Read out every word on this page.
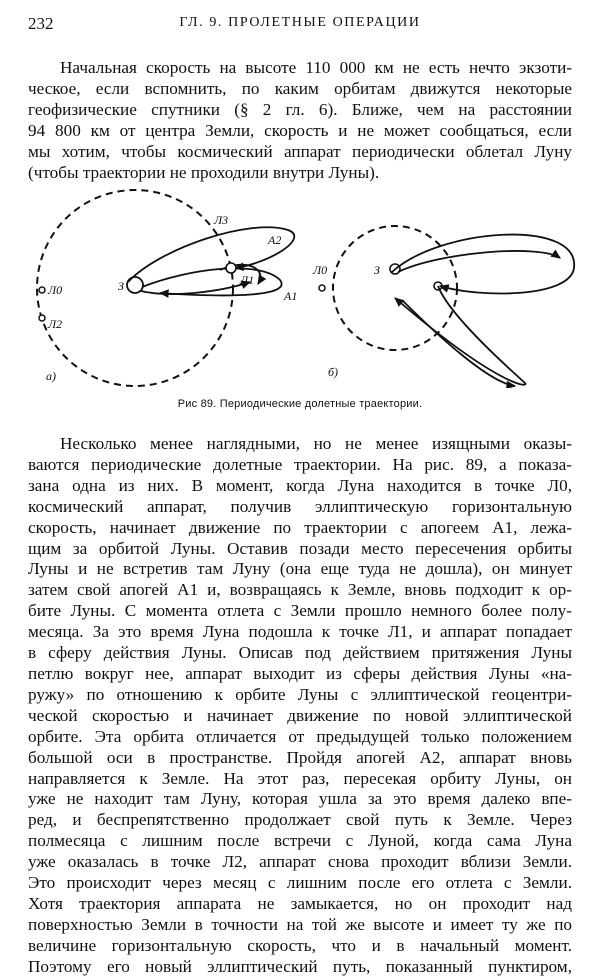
232	ГЛ. 9. ПРОЛЕТНЫЕ ОПЕРАЦИИ
Начальная скорость на высоте 110 000 км не есть нечто экзоти-
ческое, если вспомнить, по каким орбитам движутся некоторые
геофизические спутники (§ 2 гл. 6). Ближе, чем на расстоянии
94 800 км от центра Земли, скорость и не может сообщаться, если
мы хотим, чтобы космический аппарат периодически облетал Луну
(чтобы траектории не проходили внутри Луны).
З
Л3
Л1
A1
A2
Л0
Л2
а)
З
Л0
б)
Рис 89. Периодические долетные траектории.
Несколько менее наглядными, но не менее изящными оказы-
ваются периодические долетные траектории. На рис. 89, а показа-
зана одна из них. В момент, когда Луна находится в точке Л0,
космический аппарат, получив эллиптическую горизонтальную
скорость, начинает движение по траектории с апогеем A1, лежа-
щим за орбитой Луны. Оставив позади место пересечения орбиты
Луны и не встретив там Луну (она еще туда не дошла), он минует
затем свой апогей A1 и, возвращаясь к Земле, вновь подходит к ор-
бите Луны. С момента отлета с Земли прошло немного более полу-
месяца. За это время Луна подошла к точке Л1, и аппарат попадает
в сферу действия Луны. Описав под действием притяжения Луны
петлю вокруг нее, аппарат выходит из сферы действия Луны «на-
ружу» по отношению к орбите Луны с эллиптической геоцентри-
ческой скоростью и начинает движение по новой эллиптической
орбите. Эта орбита отличается от предыдущей только положением
большой оси в пространстве. Пройдя апогей A2, аппарат вновь
направляется к Земле. На этот раз, пересекая орбиту Луны, он
уже не находит там Луну, которая ушла за это время далеко впе-
ред, и беспрепятственно продолжает свой путь к Земле. Через
полмесяца с лишним после встречи с Луной, когда сама Луна
уже оказалась в точке Л2, аппарат снова проходит вблизи Земли.
Это происходит через месяц с лишним после его отлета с Земли.
Хотя траектория аппарата не замыкается, но он проходит над
поверхностью Земли в точности на той же высоте и имеет ту же по
величине горизонтальную скорость, что и в начальный момент.
Поэтому его новый эллиптический путь, показанный пунктиром,
